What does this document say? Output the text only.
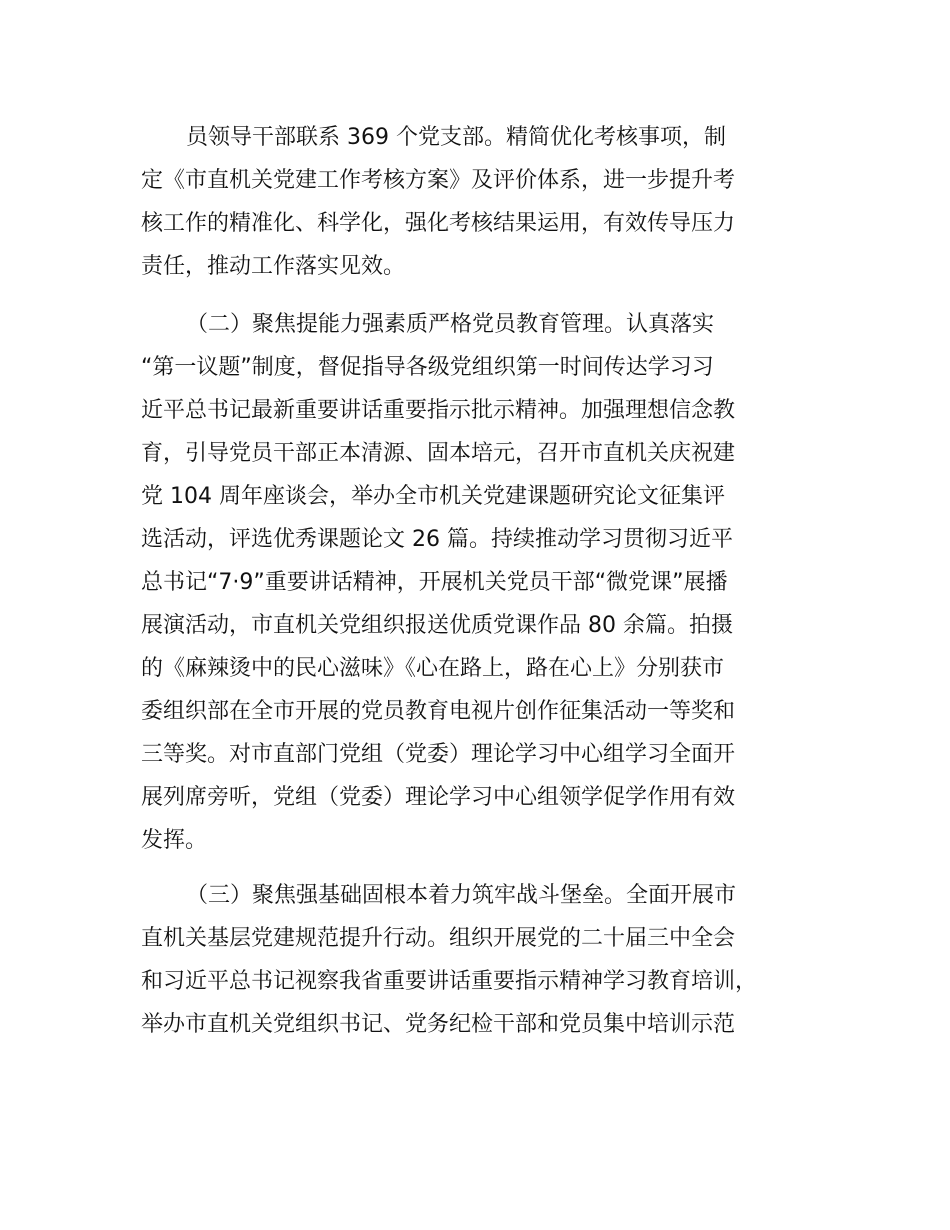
员领导干部联系 369 个党支部。精简优化考核事项，制
定《市直机关党建工作考核方案》及评价体系，进一步提升考
核工作的精准化、科学化，强化考核结果运用，有效传导压力
责任，推动工作落实见效。
（二）聚焦提能力强素质严格党员教育管理。认真落实
“第一议题”制度，督促指导各级党组织第一时间传达学习习
近平总书记最新重要讲话重要指示批示精神。加强理想信念教
育，引导党员干部正本清源、固本培元，召开市直机关庆祝建
党 104 周年座谈会，举办全市机关党建课题研究论文征集评
选活动，评选优秀课题论文 26 篇。持续推动学习贯彻习近平
总书记“7·9”重要讲话精神，开展机关党员干部“微党课”展播
展演活动，市直机关党组织报送优质党课作品 80 余篇。拍摄
的《麻辣烫中的民心滋味》《心在路上，路在心上》分别获市
委组织部在全市开展的党员教育电视片创作征集活动一等奖和
三等奖。对市直部门党组（党委）理论学习中心组学习全面开
展列席旁听，党组（党委）理论学习中心组领学促学作用有效
发挥。
（三）聚焦强基础固根本着力筑牢战斗堡垒。全面开展市
直机关基层党建规范提升行动。组织开展党的二十届三中全会
和习近平总书记视察我省重要讲话重要指示精神学习教育培训，
举办市直机关党组织书记、党务纪检干部和党员集中培训示范
